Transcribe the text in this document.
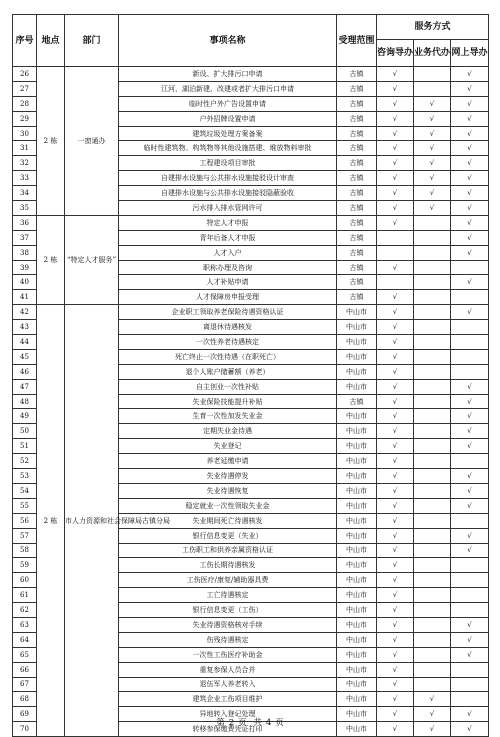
序号	地点	部门	事项名称	受理范围	服务方式		
					咨询导办	业务代办	网上导办
26	2 栋	一窗通办	新设、扩大排污口申请	古镇	√		√
27			江河、湖泊新建、改建或者扩大排污口申请	古镇	√		√
28			临时性户外广告设置申请	古镇	√	√	√
29			户外招牌设置申请	古镇	√	√	√
30			建筑垃圾处理方案备案	古镇	√	√	√
31			临时性建筑物、构筑物等其他设施搭建、堆放物料审批	古镇	√	√	√
32			工程建设项目审批	古镇	√	√	√
33			自建排水设施与公共排水设施接驳设计审查	古镇	√	√	√
34			自建排水设施与公共排水设施接驳隐蔽验收	古镇	√	√	√
35			污水排入排水管网许可	古镇	√	√	√
36	2 栋	“特定人才服务”	特定人才申报	古镇	√		√
37			青年后备人才申报	古镇			√
38			人才入户	古镇			√
39			职称办理及咨询	古镇	√		
40			人才补贴申请	古镇			√
41			人才保障房申报受理	古镇	√		
42	2 栋	市人力资源和社会保障局古镇分局	企业职工领取养老保险待遇资格认证	中山市	√		√
43			离退休待遇核发	中山市	√		
44			一次性养老待遇核定	中山市	√		
45			死亡终止一次性待遇（在职死亡）	中山市	√		
46			退个人账户储蓄额（养老）	中山市	√		
47			自主创业一次性补贴	中山市	√		√
48			失业保险技能提升补贴	古镇	√		√
49			生育一次性加发失业金	中山市	√		√
50			定期失业金待遇	中山市	√		√
51			失业登记	中山市	√		√
52			养老延缴申请	中山市	√		
53			失业待遇停发	中山市	√		√
54			失业待遇恢复	中山市	√		√
55			稳定就业一次性领取失业金	中山市	√		√
56			失业期间死亡待遇核发	中山市	√		
57			银行信息变更（失业）	中山市	√		√
58			工伤职工和供养亲属资格认证	中山市	√		√
59			工伤长期待遇核发	中山市	√		
60			工伤医疗/康复/辅助器具费	中山市	√		
61			工亡待遇核定	中山市	√		
62			银行信息变更（工伤）	中山市	√		
63			失业待遇资格核对手续	中山市	√		√
64			伤残待遇核定	中山市	√		√
65			一次性工伤医疗补助金	中山市	√		√
66			重复参保人员合并	中山市	√		
67			退伍军人养老转入	中山市	√		
68			建筑企业工伤项目维护	中山市	√	√	
69			异地转入登记处理	中山市	√	√	√
70			转移参保缴费凭证打印	中山市	√	√	√
第 2 页 共 4 页
